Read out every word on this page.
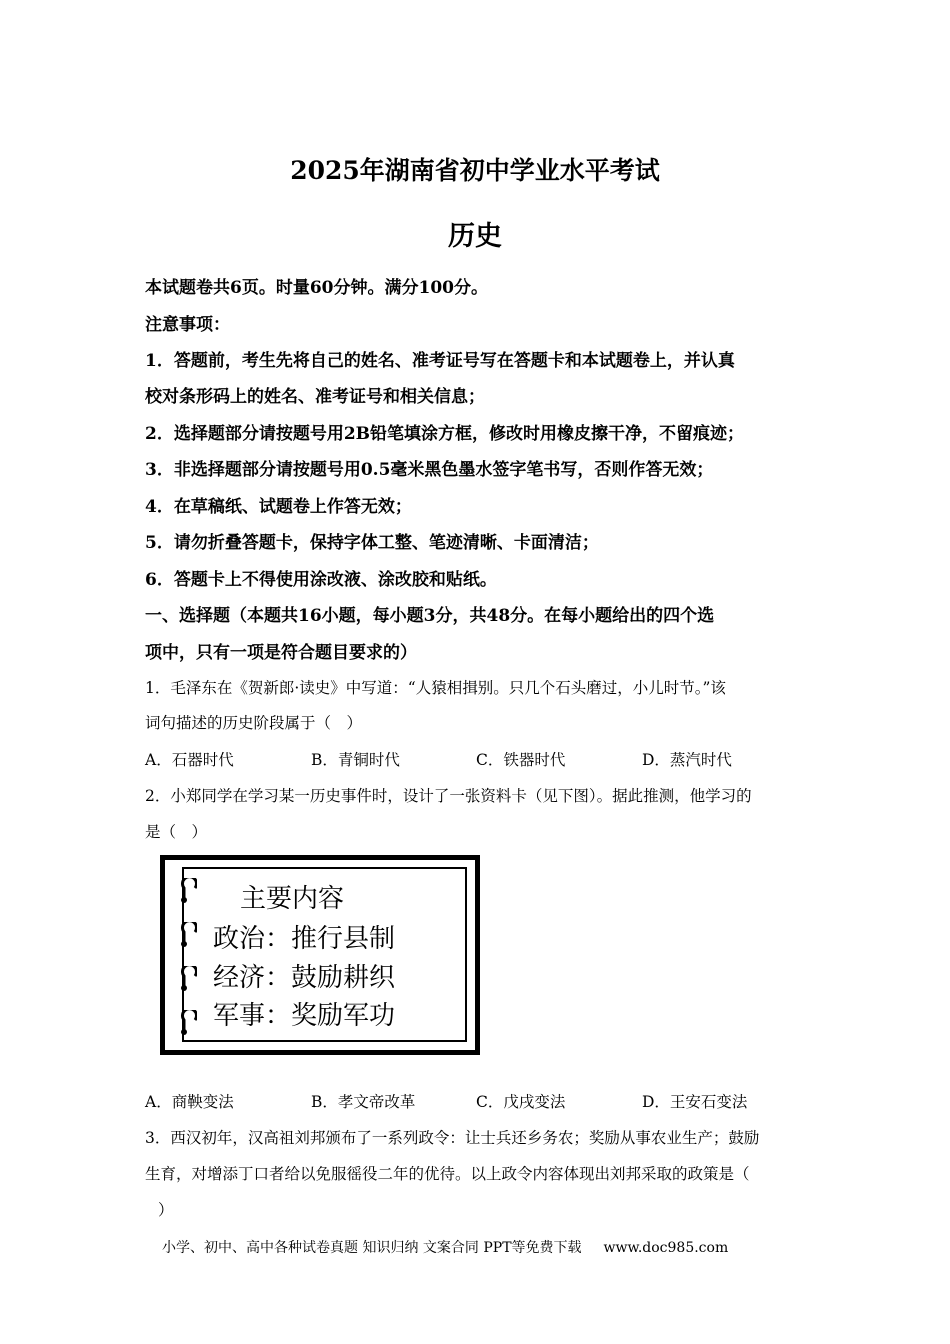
2025年湖南省初中学业水平考试
历史
本试题卷共6页。时量60分钟。满分100分。
注意事项：
1．答题前，考生先将自己的姓名、准考证号写在答题卡和本试题卷上，并认真
校对条形码上的姓名、准考证号和相关信息；
2．选择题部分请按题号用2B铅笔填涂方框，修改时用橡皮擦干净，不留痕迹；
3．非选择题部分请按题号用0.5毫米黑色墨水签字笔书写，否则作答无效；
4．在草稿纸、试题卷上作答无效；
5．请勿折叠答题卡，保持字体工整、笔迹清晰、卡面清洁；
6．答题卡上不得使用涂改液、涂改胶和贴纸。
一、选择题（本题共16小题，每小题3分，共48分。在每小题给出的四个选
项中，只有一项是符合题目要求的）
1．毛泽东在《贺新郎·读史》中写道：“人猿相揖别。只几个石头磨过，小儿时节。”该
词句描述的历史阶段属于（　）
A．石器时代	B．青铜时代	C．铁器时代	D．蒸汽时代
2．小郑同学在学习某一历史事件时，设计了一张资料卡（见下图）。据此推测，他学习的
是（　）
主要内容
政治：推行县制
经济：鼓励耕织
军事：奖励军功
A．商鞅变法	B．孝文帝改革	C．戊戌变法	D．王安石变法
3．西汉初年，汉高祖刘邦颁布了一系列政令：让士兵还乡务农；奖励从事农业生产；鼓励
生育，对增添丁口者给以免服徭役二年的优待。以上政令内容体现出刘邦采取的政策是（
）
小学、初中、高中各种试卷真题 知识归纳 文案合同 PPT等免费下载 www.doc985.com
